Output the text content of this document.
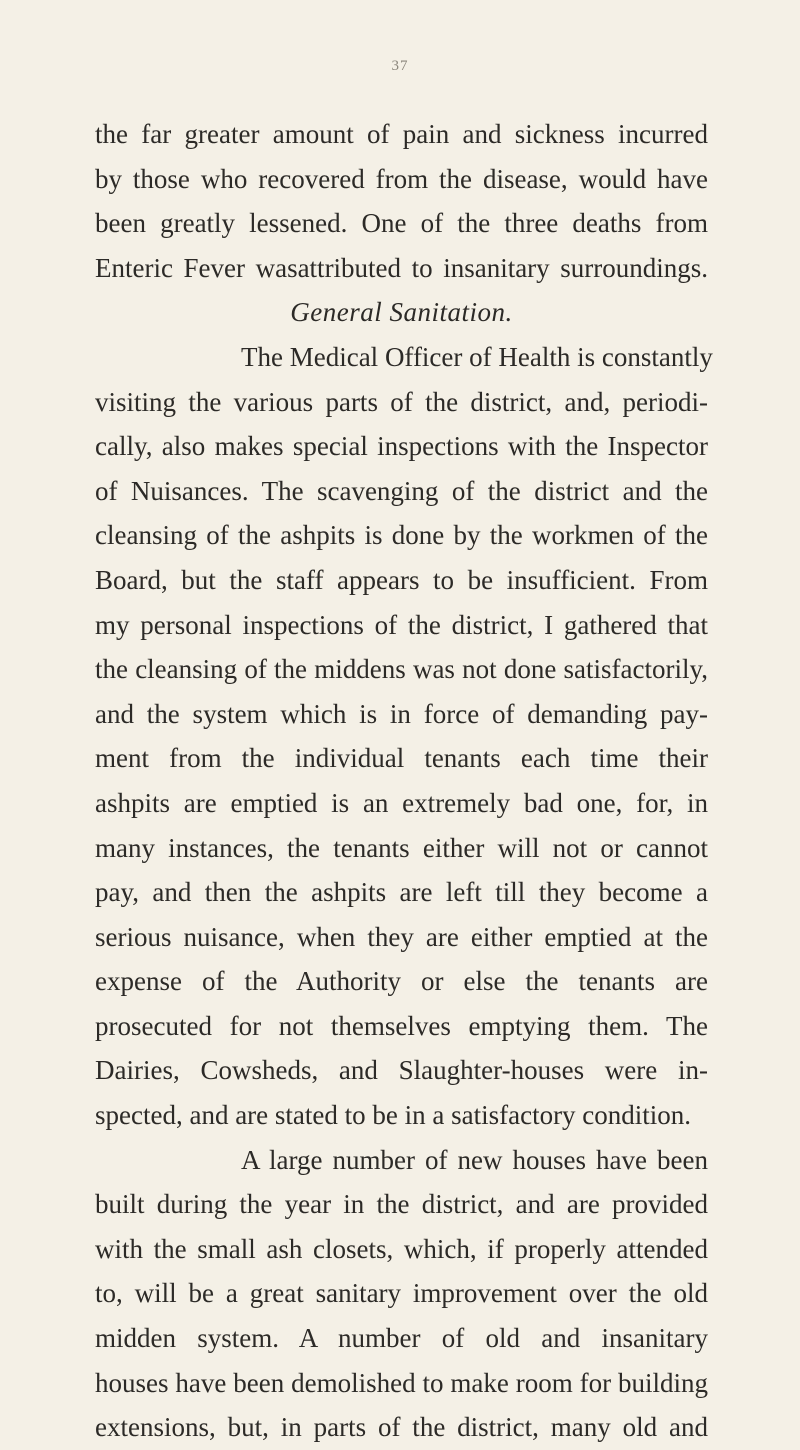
37
the far greater amount of pain and sickness incurred
by those who recovered from the disease, would have
been greatly lessened. One of the three deaths from
Enteric Fever wasattributed to insanitary surroundings.
General Sanitation.
The Medical Officer of Health is constantly
visiting the various parts of the district, and, periodi-
cally, also makes special inspections with the Inspector
of Nuisances. The scavenging of the district and the
cleansing of the ashpits is done by the workmen of the
Board, but the staff appears to be insufficient. From
my personal inspections of the district, I gathered that
the cleansing of the middens was not done satisfactorily,
and the system which is in force of demanding pay-
ment from the individual tenants each time their
ashpits are emptied is an extremely bad one, for, in
many instances, the tenants either will not or cannot
pay, and then the ashpits are left till they become a
serious nuisance, when they are either emptied at the
expense of the Authority or else the tenants are
prosecuted for not themselves emptying them. The
Dairies, Cowsheds, and Slaughter-houses were in-
spected, and are stated to be in a satisfactory condition.
A large number of new houses have been
built during the year in the district, and are provided
with the small ash closets, which, if properly attended
to, will be a great sanitary improvement over the old
midden system. A number of old and insanitary
houses have been demolished to make room for building
extensions, but, in parts of the district, many old and
